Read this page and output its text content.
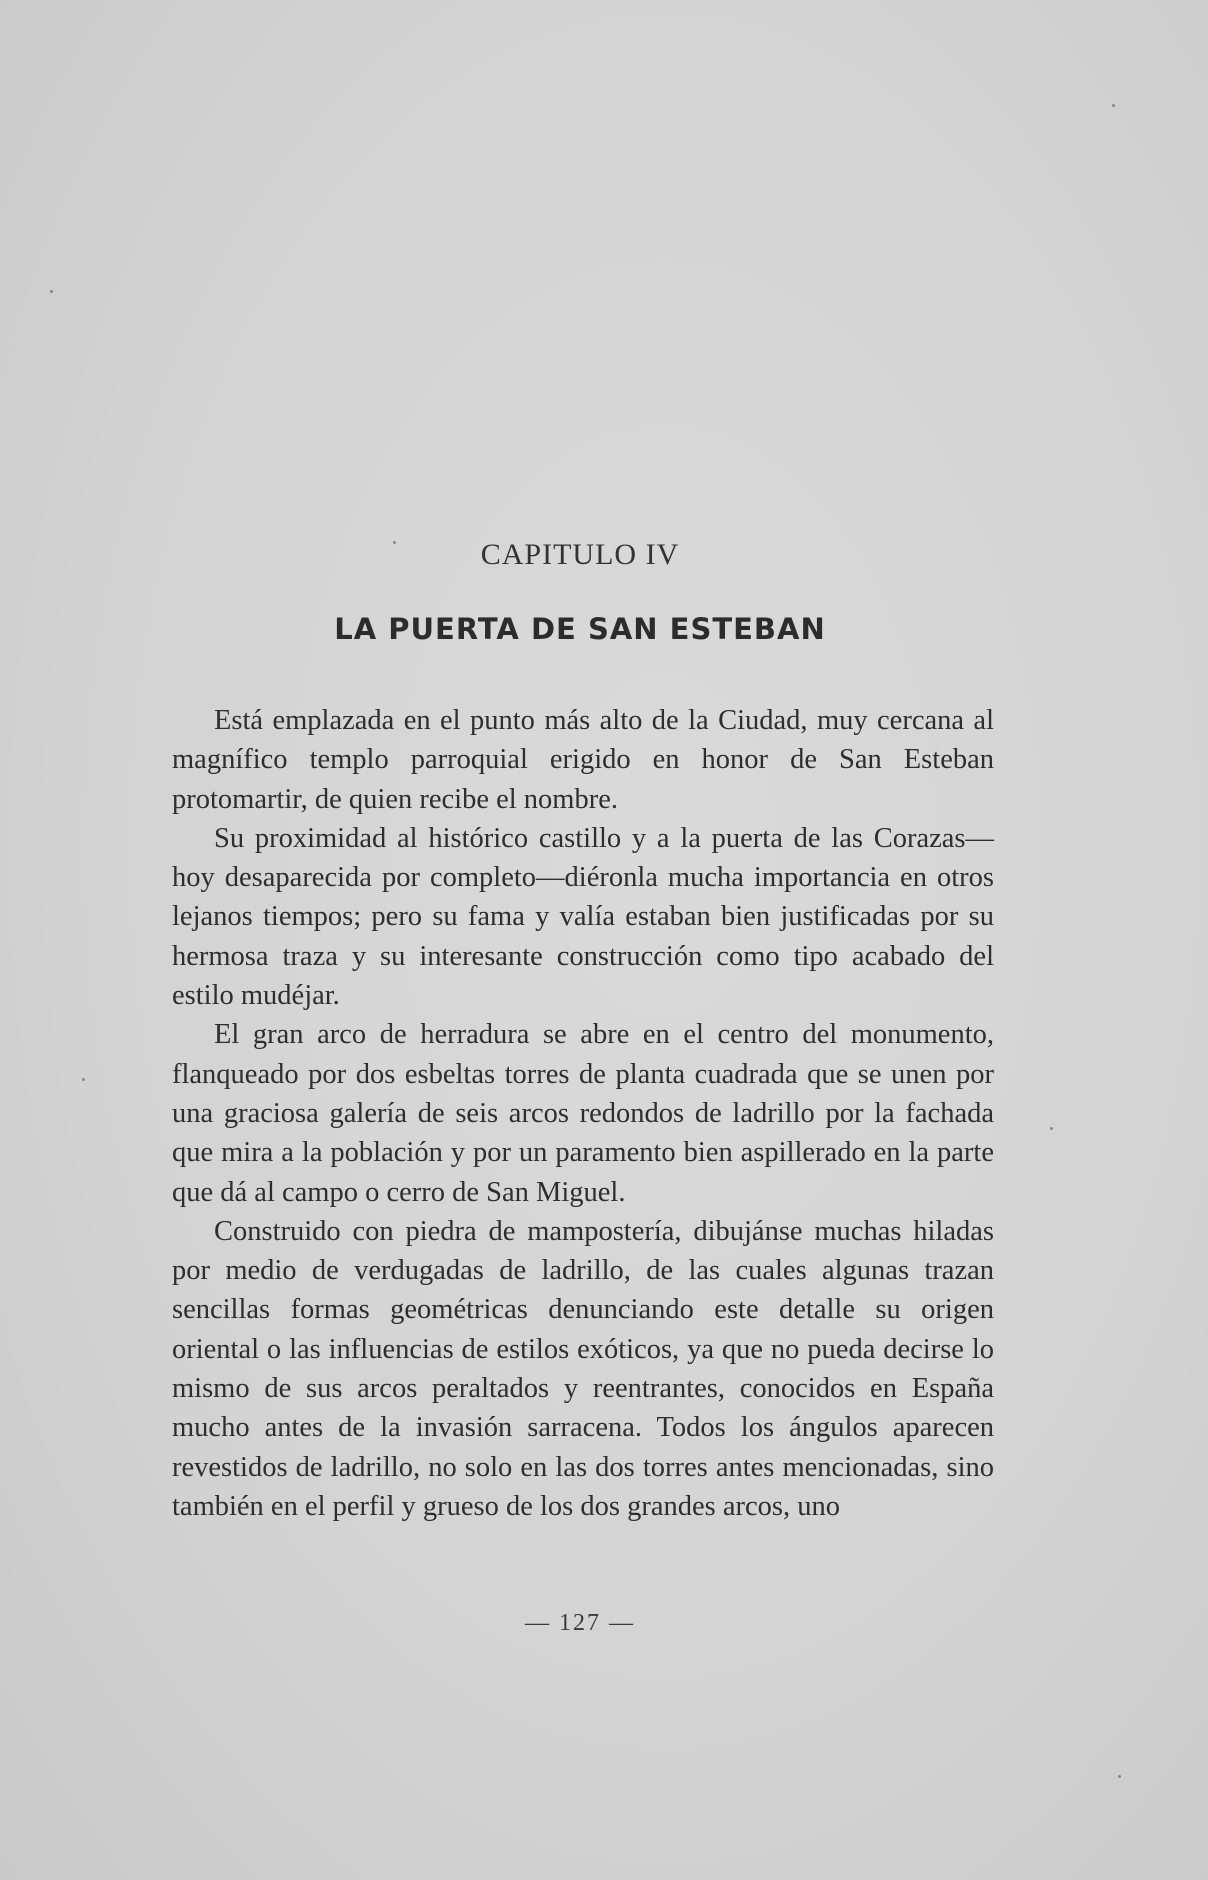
CAPITULO IV
LA PUERTA DE SAN ESTEBAN

Está emplazada en el punto más alto de la Ciudad, muy cercana al magnífico templo parroquial erigido en honor de San Esteban protomartir, de quien recibe el nombre.

Su proximidad al histórico castillo y a la puerta de las Corazas—hoy desaparecida por completo—diéronla mucha importancia en otros lejanos tiempos; pero su fama y valía estaban bien justificadas por su hermosa traza y su interesante construcción como tipo acabado del estilo mudéjar.

El gran arco de herradura se abre en el centro del monumento, flanqueado por dos esbeltas torres de planta cuadrada que se unen por una graciosa galería de seis arcos redondos de ladrillo por la fachada que mira a la población y por un paramento bien aspillerado en la parte que dá al campo o cerro de San Miguel.

Construido con piedra de mampostería, dibujánse muchas hiladas por medio de verdugadas de ladrillo, de las cuales algunas trazan sencillas formas geométricas denunciando este detalle su origen oriental o las influencias de estilos exóticos, ya que no pueda decirse lo mismo de sus arcos peraltados y reentrantes, conocidos en España mucho antes de la invasión sarracena. Todos los ángulos aparecen revestidos de ladrillo, no solo en las dos torres antes mencionadas, sino también en el perfil y grueso de los dos grandes arcos, uno

— 127 —
